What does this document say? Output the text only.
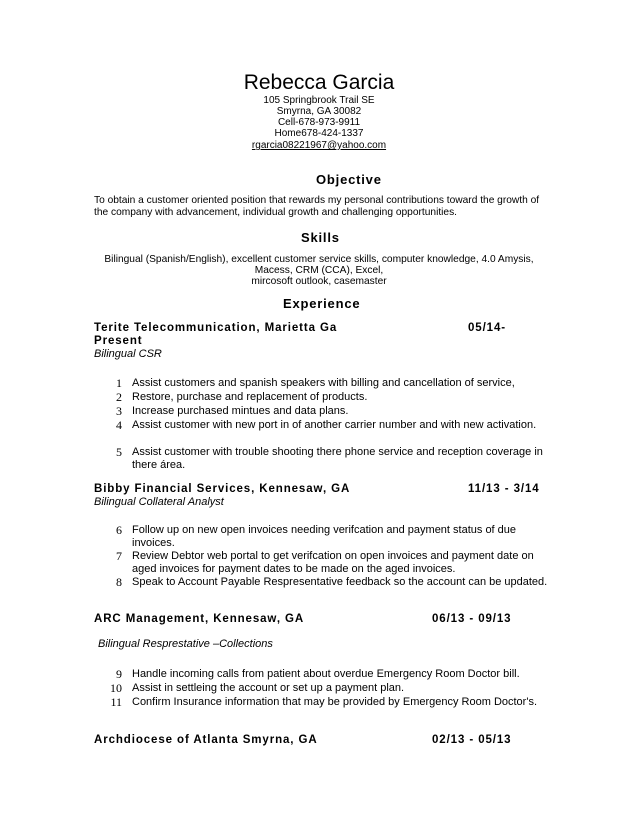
Rebecca Garcia
105 Springbrook Trail SE
Smyrna, GA 30082
Cell-678-973-9911
Home678-424-1337
rgarcia08221967@yahoo.com
Objective
To obtain a customer oriented position that rewards my personal contributions toward the growth of the company with advancement, individual growth and challenging opportunities.
Skills
Bilingual (Spanish/English), excellent customer service skills, computer knowledge, 4.0 Amysis,
Macess, CRM (CCA), Excel,
mircosoft outlook, casemaster
Experience
Terite Telecommunication, Marietta Ga	05/14-
Present
Bilingual CSR
1 Assist customers and spanish speakers with billing and cancellation of service,
2 Restore, purchase and replacement of products.
3 Increase purchased mintues and data plans.
4 Assist customer with new port in of another carrier number and with new activation.
5 Assist customer with trouble shooting there phone service and reception coverage in there área.
Bibby Financial Services, Kennesaw, GA	11/13 - 3/14
Bilingual Collateral Analyst
6 Follow up on new open invoices needing verifcation and payment status of due invoices.
7 Review Debtor web portal to get verifcation on open invoices and payment date on aged invoices for payment dates to be made on the aged invoices.
8 Speak to Account Payable Respresentative feedback so the account can be updated.
ARC Management, Kennesaw, GA	06/13 - 09/13
Bilingual Resprestative –Collections
9 Handle incoming calls from patient about overdue Emergency Room Doctor bill.
10 Assist in settleing the account or set up a payment plan.
11 Confirm Insurance information that may be provided by Emergency Room Doctor's.
Archdiocese of Atlanta Smyrna, GA	02/13 - 05/13
